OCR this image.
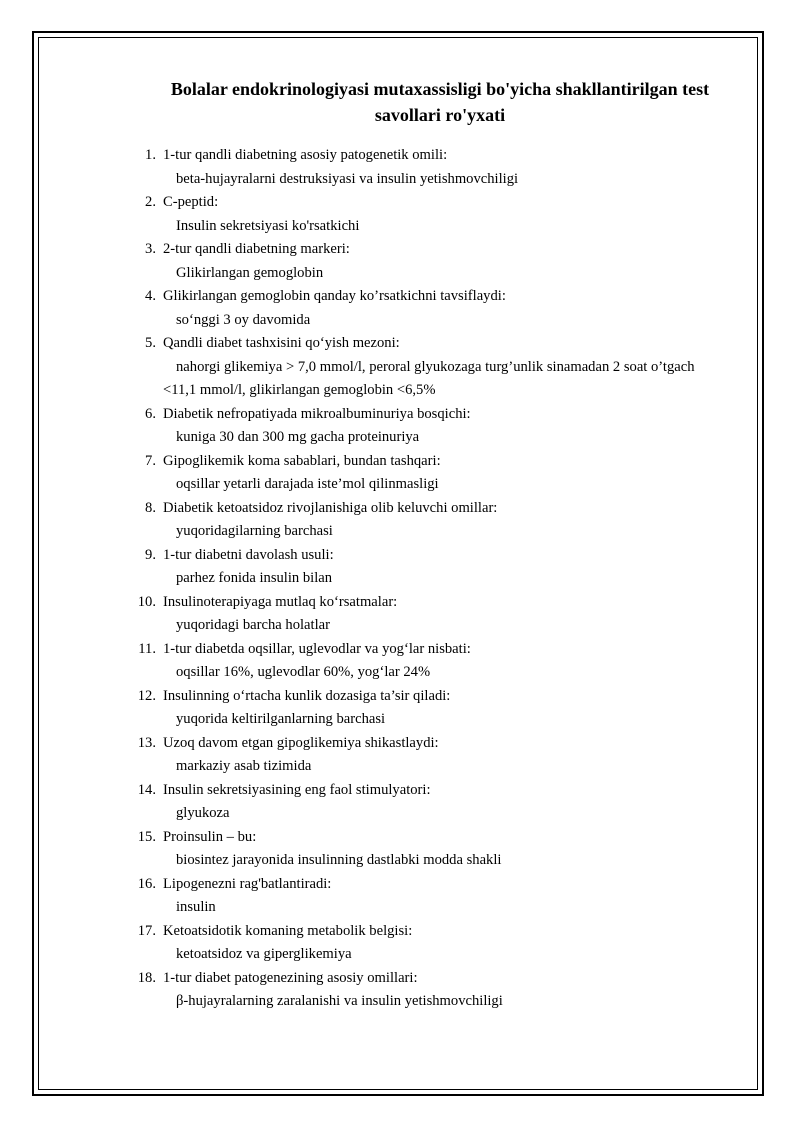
Bolalar endokrinologiyasi mutaxassisligi bo'yicha shakllantirilgan test
savollari ro'yxati
1. 1-tur qandli diabetning asosiy patogenetik omili:
beta-hujayralarni destruksiyasi va insulin yetishmovchiligi
2. C-peptid:
Insulin sekretsiyasi ko'rsatkichi
3. 2-tur qandli diabetning markeri:
Glikirlangan gemoglobin
4. Glikirlangan gemoglobin qanday ko’rsatkichni tavsiflaydi:
so‘nggi 3 oy davomida
5. Qandli diabet tashxisini qo‘yish mezoni:
nahorgi glikemiya > 7,0 mmol/l, peroral glyukozaga turg’unlik sinamadan 2 soat o’tgach <11,1 mmol/l, glikirlangan gemoglobin <6,5%
6. Diabetik nefropatiyada mikroalbuminuriya bosqichi:
kuniga 30 dan 300 mg gacha proteinuriya
7. Gipoglikemik koma sabablari, bundan tashqari:
oqsillar yetarli darajada iste’mol qilinmasligi
8. Diabetik ketoatsidoz rivojlanishiga olib keluvchi omillar:
yuqoridagilarning barchasi
9. 1-tur diabetni davolash usuli:
parhez fonida insulin bilan
10. Insulinoterapiyaga mutlaq ko‘rsatmalar:
yuqoridagi barcha holatlar
11. 1-tur diabetda oqsillar, uglevodlar va yog‘lar nisbati:
oqsillar 16%, uglevodlar 60%, yog‘lar 24%
12. Insulinning o‘rtacha kunlik dozasiga ta’sir qiladi:
yuqorida keltirilganlarning barchasi
13. Uzoq davom etgan gipoglikemiya shikastlaydi:
markaziy asab tizimida
14. Insulin sekretsiyasining eng faol stimulyatori:
glyukoza
15. Proinsulin – bu:
biosintez jarayonida insulinning dastlabki modda shakli
16. Lipogenezni rag'batlantiradi:
insulin
17. Ketoatsidotik komaning metabolik belgisi:
ketoatsidoz va giperglikemiya
18. 1-tur diabet patogenezining asosiy omillari:
β-hujayralarning zaralanishi va insulin yetishmovchiligi
